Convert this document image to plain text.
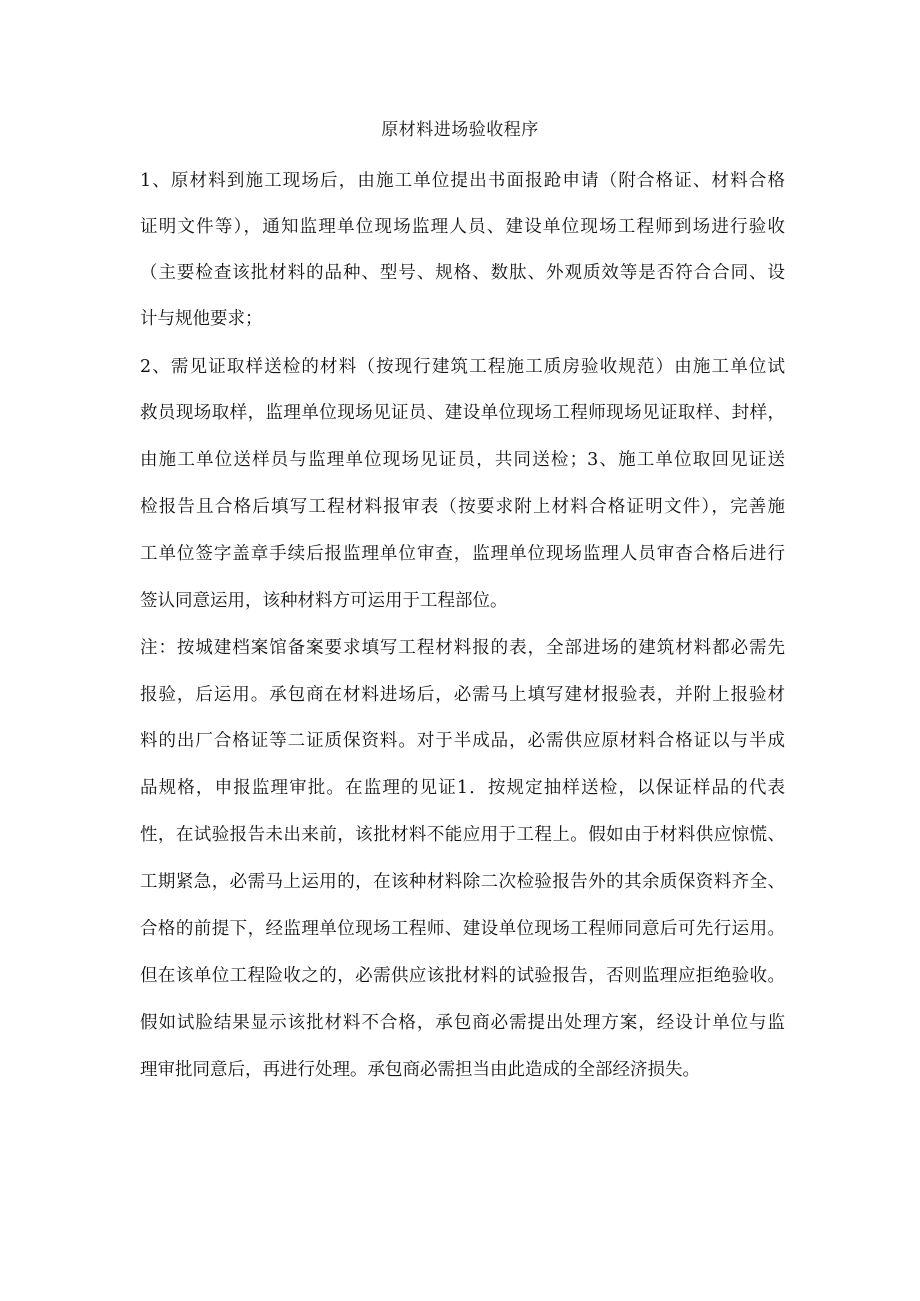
原材料进场验收程序
1、原材料到施工现场后，由施工单位提出书面报跄申请（附合格证、材料合格
证明文件等），通知监理单位现场监理人员、建设单位现场工程师到场进行验收
（主要检查该批材料的品种、型号、规格、数肽、外观质效等是否符合合同、设
计与规他要求；
2、需见证取样送检的材料（按现行建筑工程施工质房验收规范）由施工单位试
救员现场取样，监理单位现场见证员、建设单位现场工程师现场见证取样、封样，
由施工单位送样员与监理单位现场见证员，共同送检；3、施工单位取回见证送
检报告且合格后填写工程材料报审表（按要求附上材料合格证明文件），完善施
工单位签字盖章手续后报监理单位审查，监理单位现场监理人员审杳合格后进行
签认同意运用，该种材料方可运用于工程部位。
注：按城建档案馆备案要求填写工程材料报的表，全部进场的建筑材料都必需先
报验，后运用。承包商在材料进场后，必需马上填写建材报验表，并附上报验材
料的出厂合格证等二证质保资料。对于半成品，必需供应原材料合格证以与半成
品规格，申报监理审批。在监理的见证1．按规定抽样送检，以保证样品的代表
性，在试验报告未出来前，该批材料不能应用于工程上。假如由于材料供应惊慌、
工期紧急，必需马上运用的，在该种材料除二次检验报告外的其余质保资料齐全、
合格的前提下，经监理单位现场工程师、建设单位现场工程师同意后可先行运用。
但在该单位工程险收之的，必需供应该批材料的试验报告，否则监理应拒绝验收。
假如试脸结果显示该批材料不合格，承包商必需提出处理方案，经设计单位与监
理审批同意后，再进行处理。承包商必需担当由此造成的全部经济损失。
